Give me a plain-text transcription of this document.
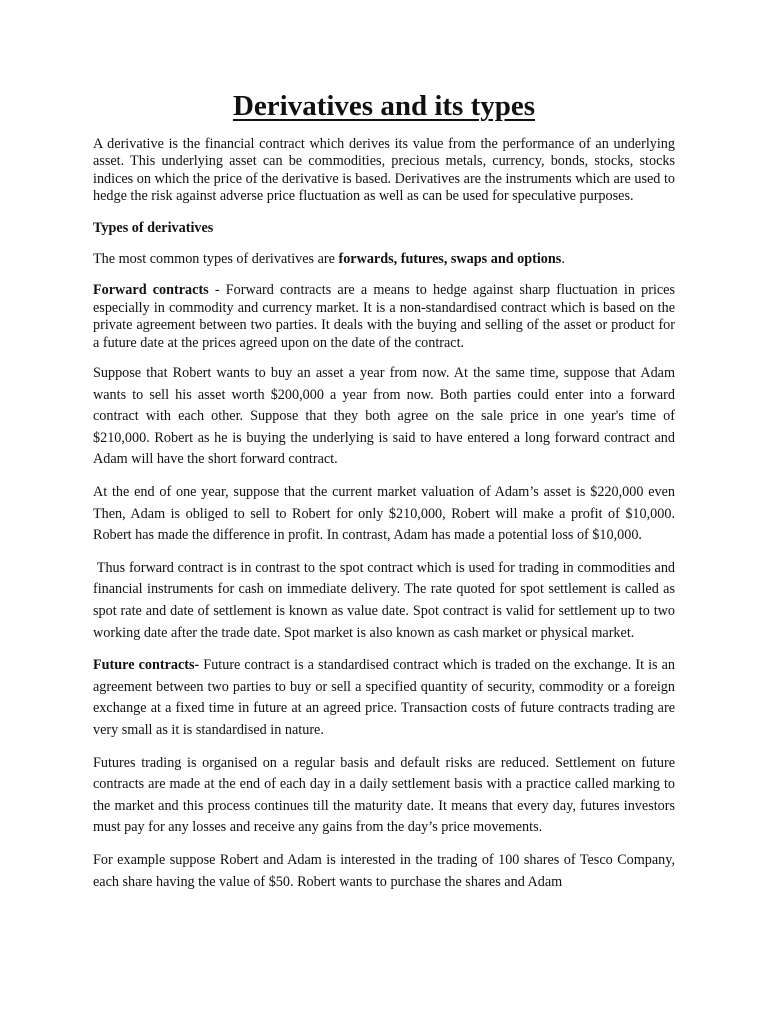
Derivatives and its types

A derivative is the financial contract which derives its value from the performance of an underlying asset. This underlying asset can be commodities, precious metals, currency, bonds, stocks, stocks indices on which the price of the derivative is based. Derivatives are the instruments which are used to hedge the risk against adverse price fluctuation as well as can be used for speculative purposes.

Types of derivatives

The most common types of derivatives are forwards, futures, swaps and options.

Forward contracts - Forward contracts are a means to hedge against sharp fluctuation in prices especially in commodity and currency market. It is a non-standardised contract which is based on the private agreement between two parties. It deals with the buying and selling of the asset or product for a future date at the prices agreed upon on the date of the contract.

Suppose that Robert wants to buy an asset a year from now. At the same time, suppose that Adam wants to sell his asset worth $200,000 a year from now. Both parties could enter into a forward contract with each other. Suppose that they both agree on the sale price in one year's time of $210,000. Robert as he is buying the underlying is said to have entered a long forward contract and Adam will have the short forward contract.

At the end of one year, suppose that the current market valuation of Adam’s asset is $220,000 even Then, Adam is obliged to sell to Robert for only $210,000, Robert will make a profit of $10,000. Robert has made the difference in profit. In contrast, Adam has made a potential loss of $10,000.

Thus forward contract is in contrast to the spot contract which is used for trading in commodities and financial instruments for cash on immediate delivery. The rate quoted for spot settlement is called as spot rate and date of settlement is known as value date. Spot contract is valid for settlement up to two working date after the trade date. Spot market is also known as cash market or physical market.

Future contracts- Future contract is a standardised contract which is traded on the exchange. It is an agreement between two parties to buy or sell a specified quantity of security, commodity or a foreign exchange at a fixed time in future at an agreed price. Transaction costs of future contracts trading are very small as it is standardised in nature.

Futures trading is organised on a regular basis and default risks are reduced. Settlement on future contracts are made at the end of each day in a daily settlement basis with a practice called marking to the market and this process continues till the maturity date. It means that every day, futures investors must pay for any losses and receive any gains from the day’s price movements.

For example suppose Robert and Adam is interested in the trading of 100 shares of Tesco Company, each share having the value of $50. Robert wants to purchase the shares and Adam
